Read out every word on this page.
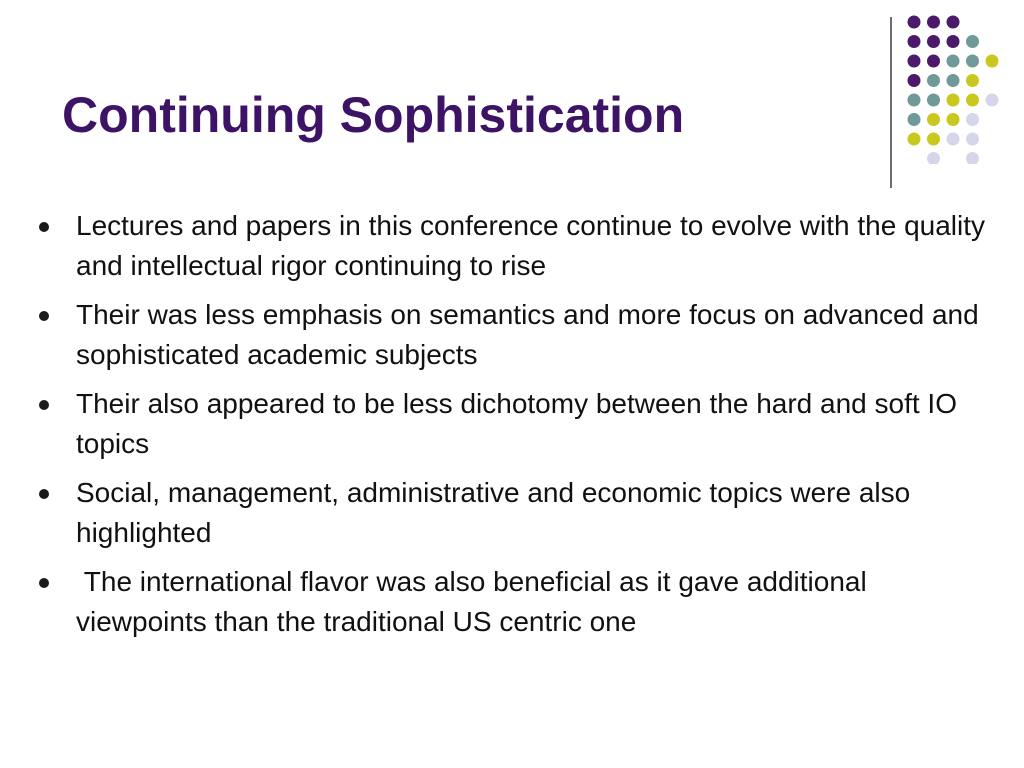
Continuing Sophistication
Lectures and papers in this conference continue to evolve with the quality and intellectual rigor continuing to rise
Their was less emphasis on semantics and more focus on advanced and sophisticated academic subjects
Their also appeared to be less dichotomy between the hard and soft IO topics
Social, management, administrative and economic topics were also highlighted
The international flavor was also beneficial as it gave additional viewpoints than the traditional US centric one
